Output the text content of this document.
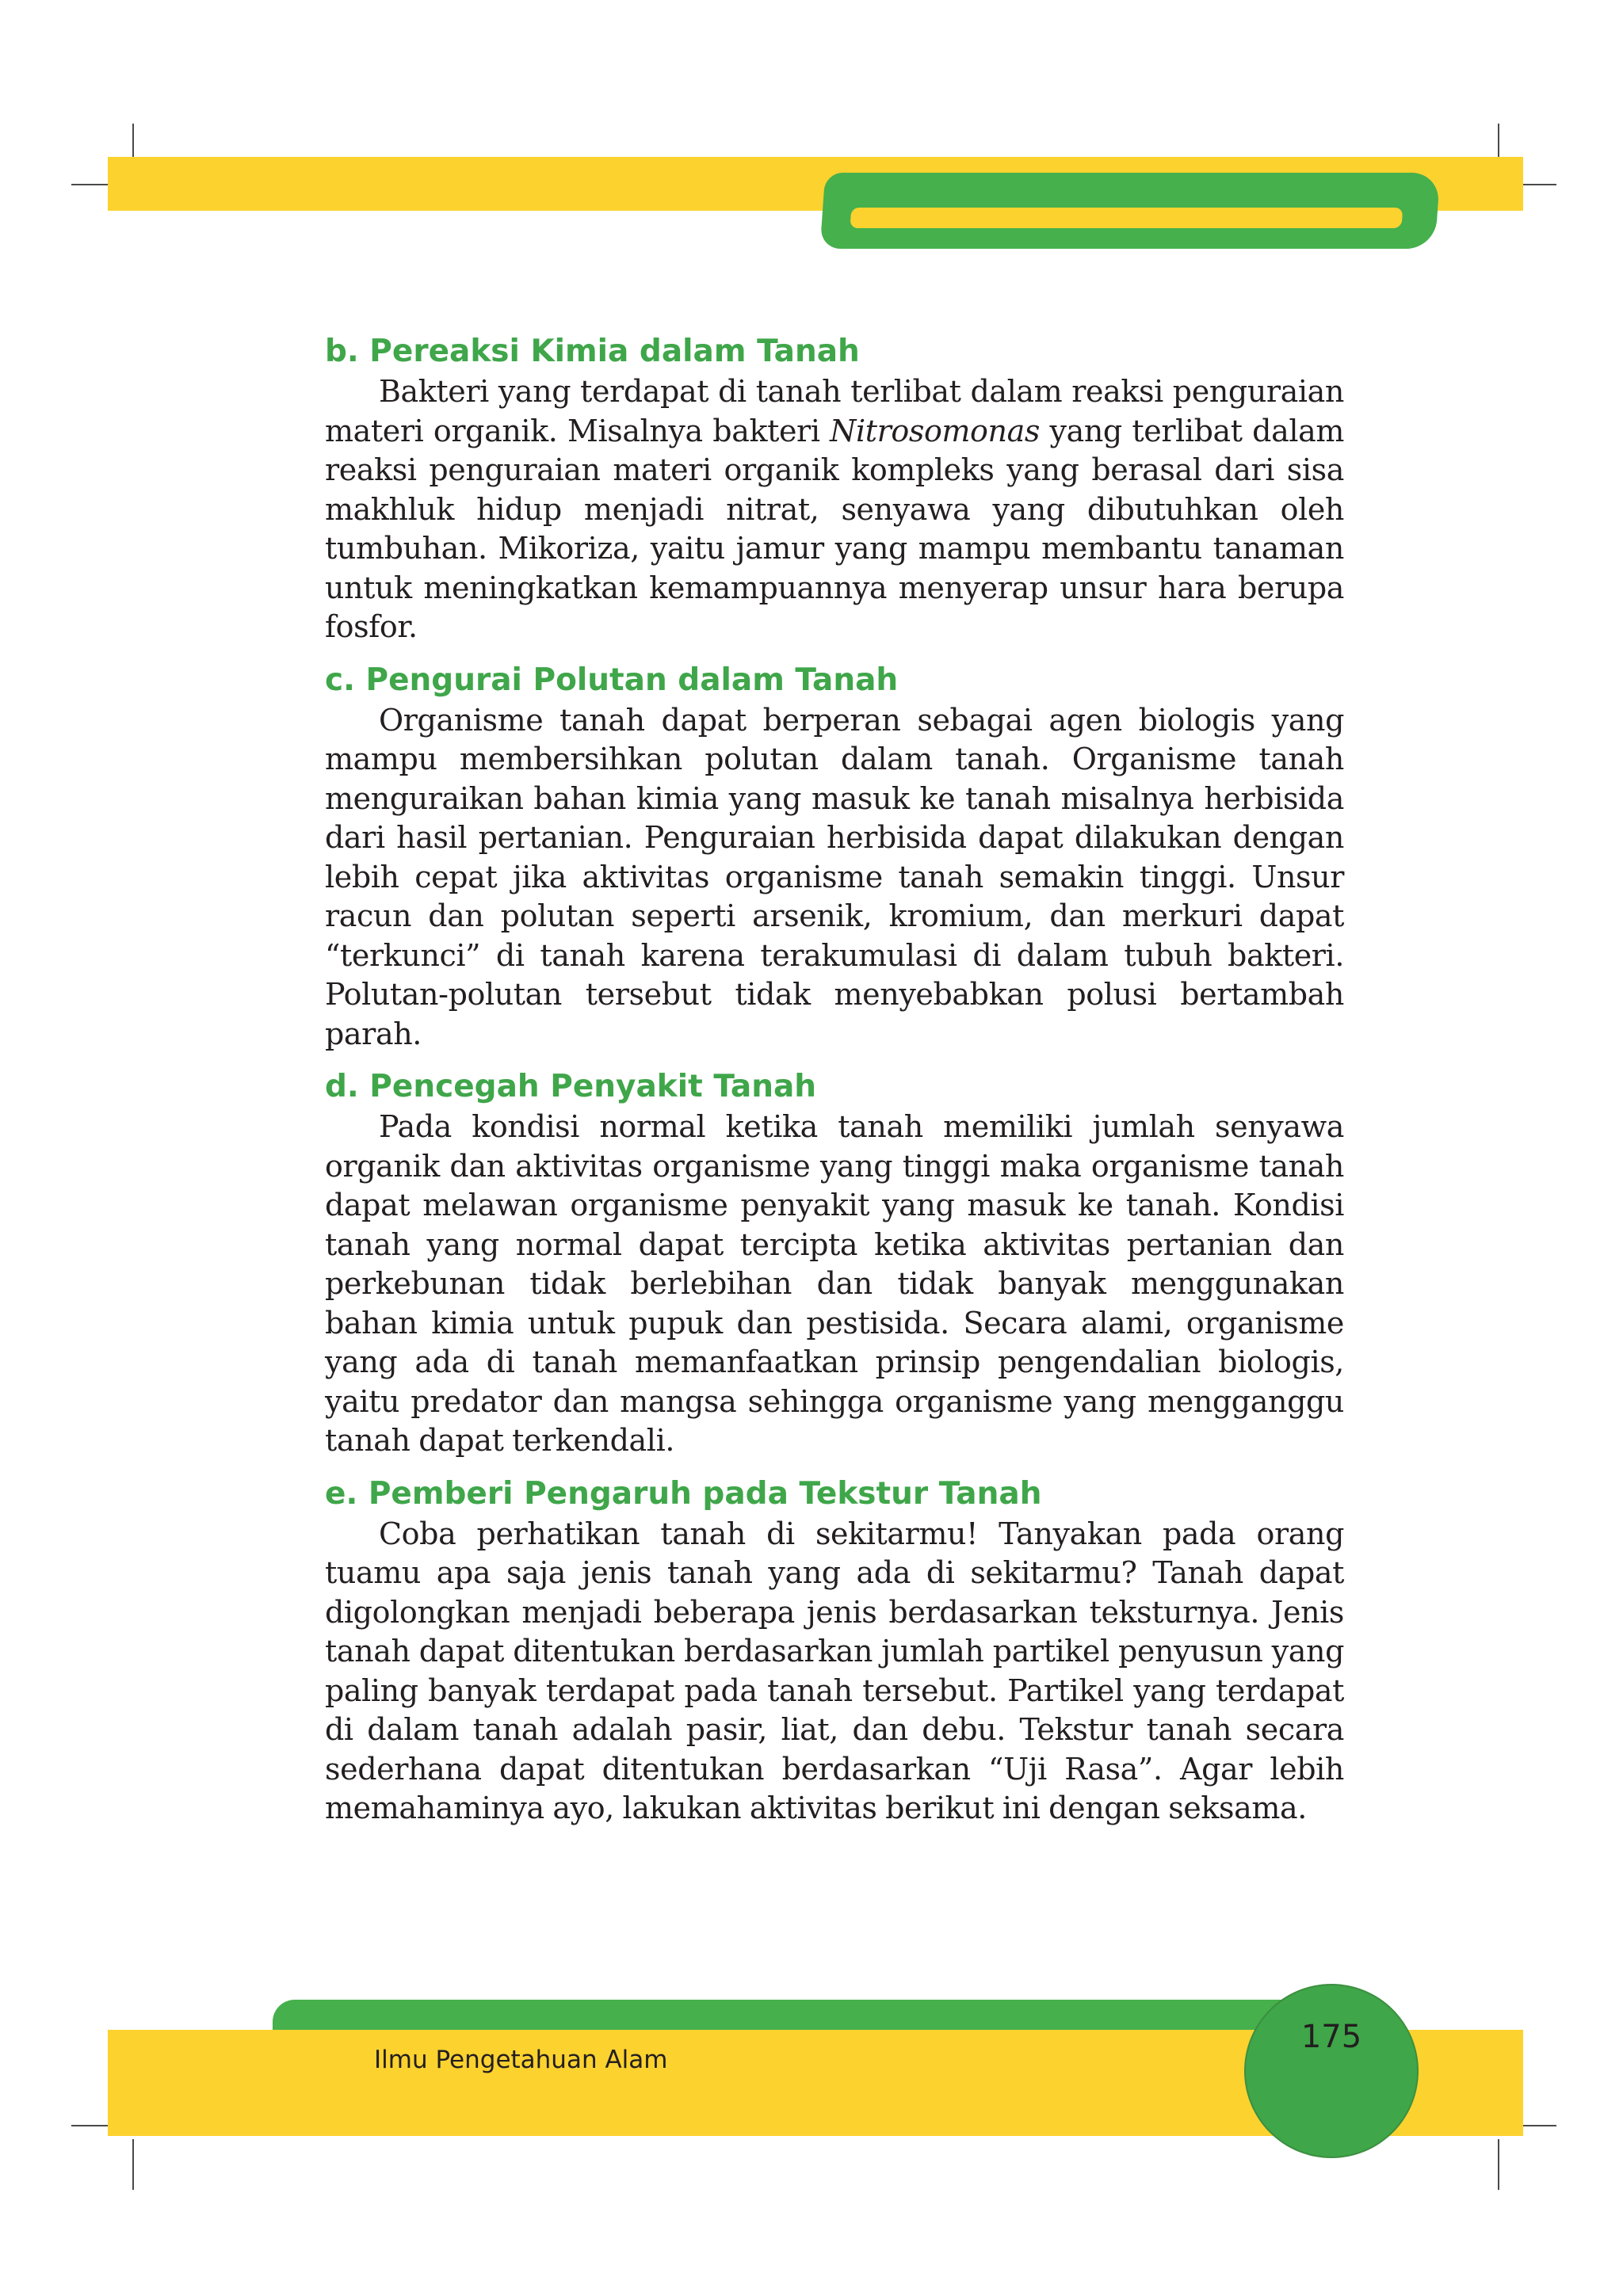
b. Pereaksi Kimia dalam Tanah

Bakteri yang terdapat di tanah terlibat dalam reaksi penguraian materi organik. Misalnya bakteri Nitrosomonas yang terlibat dalam reaksi penguraian materi organik kompleks yang berasal dari sisa makhluk hidup menjadi nitrat, senyawa yang dibutuhkan oleh tumbuhan. Mikoriza, yaitu jamur yang mampu membantu tanaman untuk meningkatkan kemampuannya menyerap unsur hara berupa fosfor.

c. Pengurai Polutan dalam Tanah

Organisme tanah dapat berperan sebagai agen biologis yang mampu membersihkan polutan dalam tanah. Organisme tanah menguraikan bahan kimia yang masuk ke tanah misalnya herbisida dari hasil pertanian. Penguraian herbisida dapat dilakukan dengan lebih cepat jika aktivitas organisme tanah semakin tinggi. Unsur racun dan polutan seperti arsenik, kromium, dan merkuri dapat “terkunci” di tanah karena terakumulasi di dalam tubuh bakteri. Polutan-polutan tersebut tidak menyebabkan polusi bertambah parah.

d. Pencegah Penyakit Tanah

Pada kondisi normal ketika tanah memiliki jumlah senyawa organik dan aktivitas organisme yang tinggi maka organisme tanah dapat melawan organisme penyakit yang masuk ke tanah. Kondisi tanah yang normal dapat tercipta ketika aktivitas pertanian dan perkebunan tidak berlebihan dan tidak banyak menggunakan bahan kimia untuk pupuk dan pestisida. Secara alami, organisme yang ada di tanah memanfaatkan prinsip pengendalian biologis, yaitu predator dan mangsa sehingga organisme yang mengganggu tanah dapat terkendali.

e. Pemberi Pengaruh pada Tekstur Tanah

Coba perhatikan tanah di sekitarmu! Tanyakan pada orang tuamu apa saja jenis tanah yang ada di sekitarmu? Tanah dapat digolongkan menjadi beberapa jenis berdasarkan teksturnya. Jenis tanah dapat ditentukan berdasarkan jumlah partikel penyusun yang paling banyak terdapat pada tanah tersebut. Partikel yang terdapat di dalam tanah adalah pasir, liat, dan debu. Tekstur tanah secara sederhana dapat ditentukan berdasarkan “Uji Rasa”. Agar lebih memahaminya ayo, lakukan aktivitas berikut ini dengan seksama.

Ilmu Pengetahuan Alam
175
